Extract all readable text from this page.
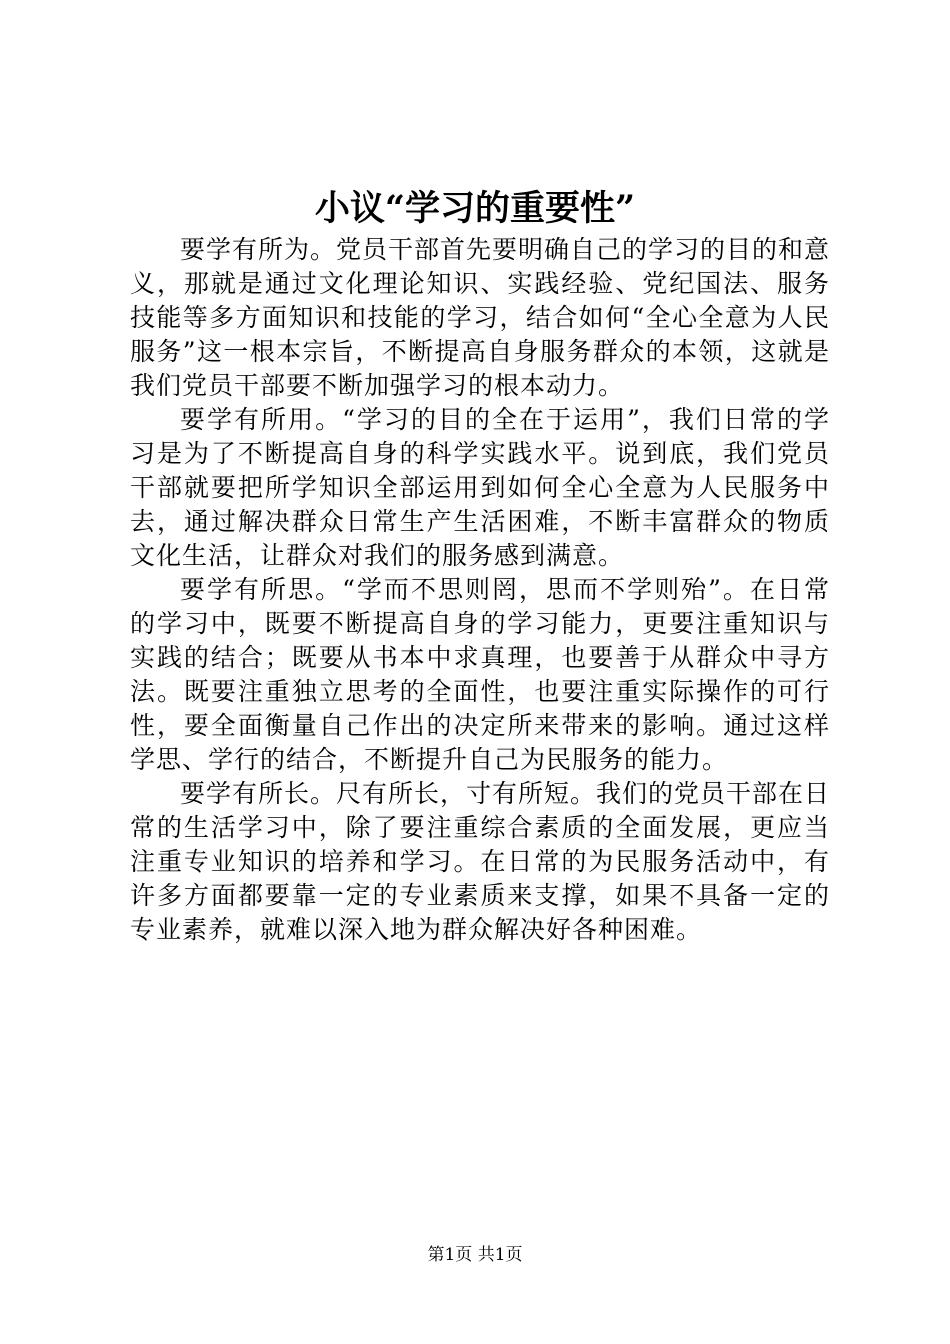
小议“学习的重要性”

要学有所为。党员干部首先要明确自己的学习的目的和意义，那就是通过文化理论知识、实践经验、党纪国法、服务技能等多方面知识和技能的学习，结合如何“全心全意为人民服务”这一根本宗旨，不断提高自身服务群众的本领，这就是我们党员干部要不断加强学习的根本动力。

要学有所用。“学习的目的全在于运用”，我们日常的学习是为了不断提高自身的科学实践水平。说到底，我们党员干部就要把所学知识全部运用到如何全心全意为人民服务中去，通过解决群众日常生产生活困难，不断丰富群众的物质文化生活，让群众对我们的服务感到满意。

要学有所思。“学而不思则罔，思而不学则殆”。在日常的学习中，既要不断提高自身的学习能力，更要注重知识与实践的结合；既要从书本中求真理，也要善于从群众中寻方法。既要注重独立思考的全面性，也要注重实际操作的可行性，要全面衡量自己作出的决定所来带来的影响。通过这样学思、学行的结合，不断提升自己为民服务的能力。

要学有所长。尺有所长，寸有所短。我们的党员干部在日常的生活学习中，除了要注重综合素质的全面发展，更应当注重专业知识的培养和学习。在日常的为民服务活动中，有许多方面都要靠一定的专业素质来支撑，如果不具备一定的专业素养，就难以深入地为群众解决好各种困难。

第1页 共1页
